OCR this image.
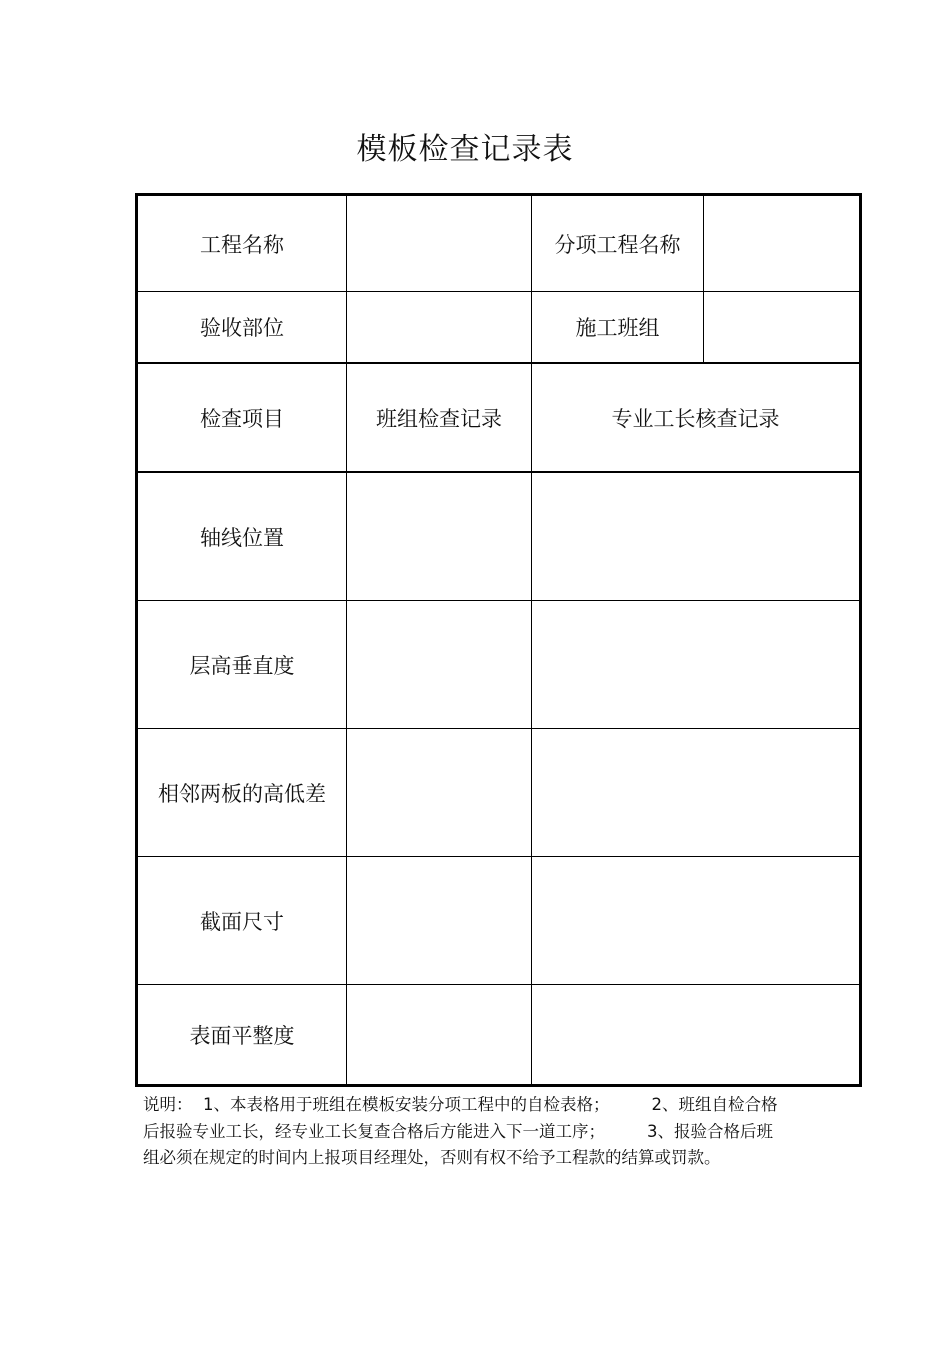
模板检查记录表
工程名称	分项工程名称
验收部位	施工班组
检查项目	班组检查记录	专业工长核查记录
轴线位置
层高垂直度
相邻两板的高低差
截面尺寸
表面平整度
说明：  1、本表格用于班组在模板安装分项工程中的自检表格；        2、班组自检合格
后报验专业工长，经专业工长复查合格后方能进入下一道工序；        3、报验合格后班
组必须在规定的时间内上报项目经理处，否则有权不给予工程款的结算或罚款。
